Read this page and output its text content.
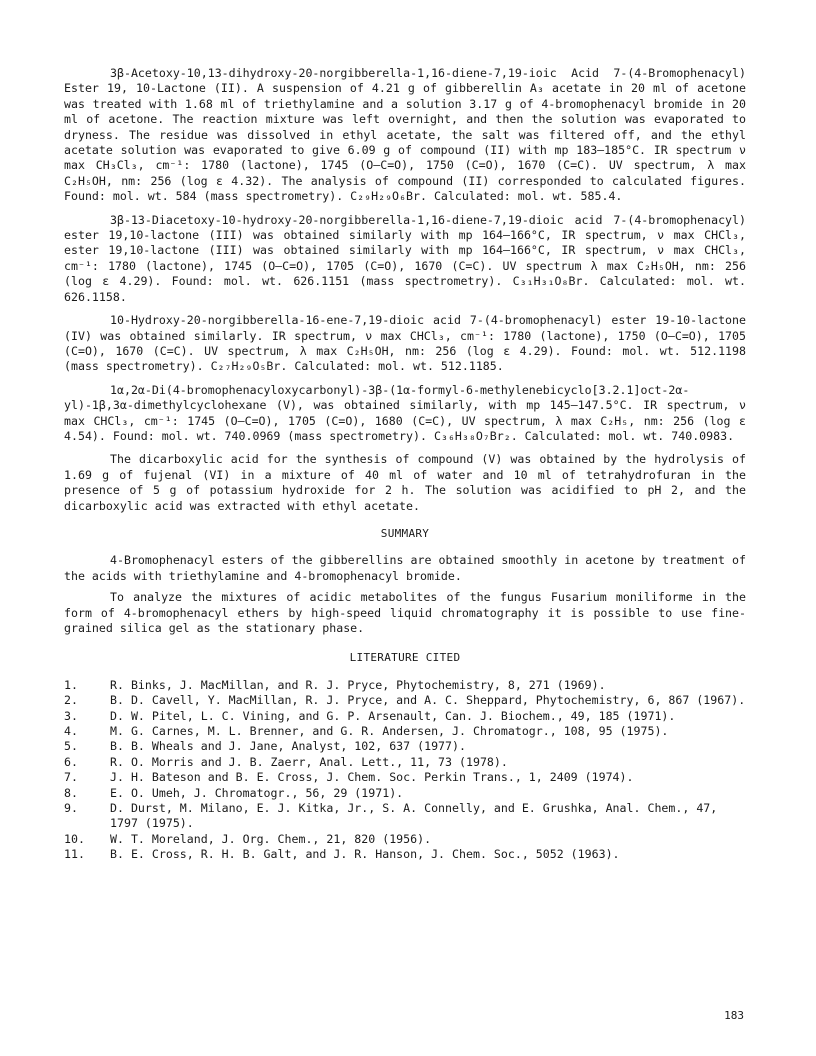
3β-Acetoxy-10,13-dihydroxy-20-norgibberella-1,16-diene-7,19-ioic Acid 7-(4-Bromophenacyl) Ester 19, 10-Lactone (II). A suspension of 4.21 g of gibberellin A₃ acetate in 20 ml of acetone was treated with 1.68 ml of triethylamine and a solution 3.17 g of 4-bromophenacyl bromide in 20 ml of acetone. The reaction mixture was left overnight, and then the solution was evaporated to dryness. The residue was dissolved in ethyl acetate, the salt was filtered off, and the ethyl acetate solution was evaporated to give 6.09 g of compound (II) with mp 183–185°C. IR spectrum ν max CH₃Cl₃, cm⁻¹: 1780 (lactone), 1745 (O–C=O), 1750 (C=O), 1670 (C=C). UV spectrum, λ max C₂H₅OH, nm: 256 (log ε 4.32). The analysis of compound (II) corresponded to calculated figures. Found: mol. wt. 584 (mass spectrometry). C₂₉H₂₉O₆Br. Calculated: mol. wt. 585.4.

3β-13-Diacetoxy-10-hydroxy-20-norgibberella-1,16-diene-7,19-dioic acid 7-(4-bromophenacyl) ester 19,10-lactone (III) was obtained similarly with mp 164–166°C, IR spectrum, ν max CHCl₃, ester 19,10-lactone (III) was obtained similarly with mp 164–166°C, IR spectrum, ν max CHCl₃, cm⁻¹: 1780 (lactone), 1745 (O–C=O), 1705 (C=O), 1670 (C=C). UV spectrum λ max C₂H₅OH, nm: 256 (log ε 4.29). Found: mol. wt. 626.1151 (mass spectrometry). C₃₁H₃₁O₈Br. Calculated: mol. wt. 626.1158.

10-Hydroxy-20-norgibberella-16-ene-7,19-dioic acid 7-(4-bromophenacyl) ester 19-10-lactone (IV) was obtained similarly. IR spectrum, ν max CHCl₃, cm⁻¹: 1780 (lactone), 1750 (O–C=O), 1705 (C=O), 1670 (C=C). UV spectrum, λ max C₂H₅OH, nm: 256 (log ε 4.29). Found: mol. wt. 512.1198 (mass spectrometry). C₂₇H₂₉O₅Br. Calculated: mol. wt. 512.1185.

1α,2α-Di(4-bromophenacyloxycarbonyl)-3β-(1α-formyl-6-methylenebicyclo[3.2.1]oct-2α-yl)-1β,3α-dimethylcyclohexane (V), was obtained similarly, with mp 145–147.5°C. IR spectrum, ν max CHCl₃, cm⁻¹: 1745 (O–C=O), 1705 (C=O), 1680 (C=C), UV spectrum, λ max C₂H₅, nm: 256 (log ε 4.54). Found: mol. wt. 740.0969 (mass spectrometry). C₃₆H₃₈O₇Br₂. Calculated: mol. wt. 740.0983.

The dicarboxylic acid for the synthesis of compound (V) was obtained by the hydrolysis of 1.69 g of fujenal (VI) in a mixture of 40 ml of water and 10 ml of tetrahydrofuran in the presence of 5 g of potassium hydroxide for 2 h. The solution was acidified to pH 2, and the dicarboxylic acid was extracted with ethyl acetate.

SUMMARY

4-Bromophenacyl esters of the gibberellins are obtained smoothly in acetone by treatment of the acids with triethylamine and 4-bromophenacyl bromide.

To analyze the mixtures of acidic metabolites of the fungus Fusarium moniliforme in the form of 4-bromophenacyl ethers by high-speed liquid chromatography it is possible to use fine-grained silica gel as the stationary phase.

LITERATURE CITED
1.	R. Binks, J. MacMillan, and R. J. Pryce, Phytochemistry, 8, 271 (1969).
2.	B. D. Cavell, Y. MacMillan, R. J. Pryce, and A. C. Sheppard, Phytochemistry, 6, 867 (1967).
3.	D. W. Pitel, L. C. Vining, and G. P. Arsenault, Can. J. Biochem., 49, 185 (1971).
4.	M. G. Carnes, M. L. Brenner, and G. R. Andersen, J. Chromatogr., 108, 95 (1975).
5.	B. B. Wheals and J. Jane, Analyst, 102, 637 (1977).
6.	R. O. Morris and J. B. Zaerr, Anal. Lett., 11, 73 (1978).
7.	J. H. Bateson and B. E. Cross, J. Chem. Soc. Perkin Trans., 1, 2409 (1974).
8.	E. O. Umeh, J. Chromatogr., 56, 29 (1971).
9.	D. Durst, M. Milano, E. J. Kitka, Jr., S. A. Connelly, and E. Grushka, Anal. Chem., 47, 1797 (1975).
10.	W. T. Moreland, J. Org. Chem., 21, 820 (1956).
11.	B. E. Cross, R. H. B. Galt, and J. R. Hanson, J. Chem. Soc., 5052 (1963).
183
